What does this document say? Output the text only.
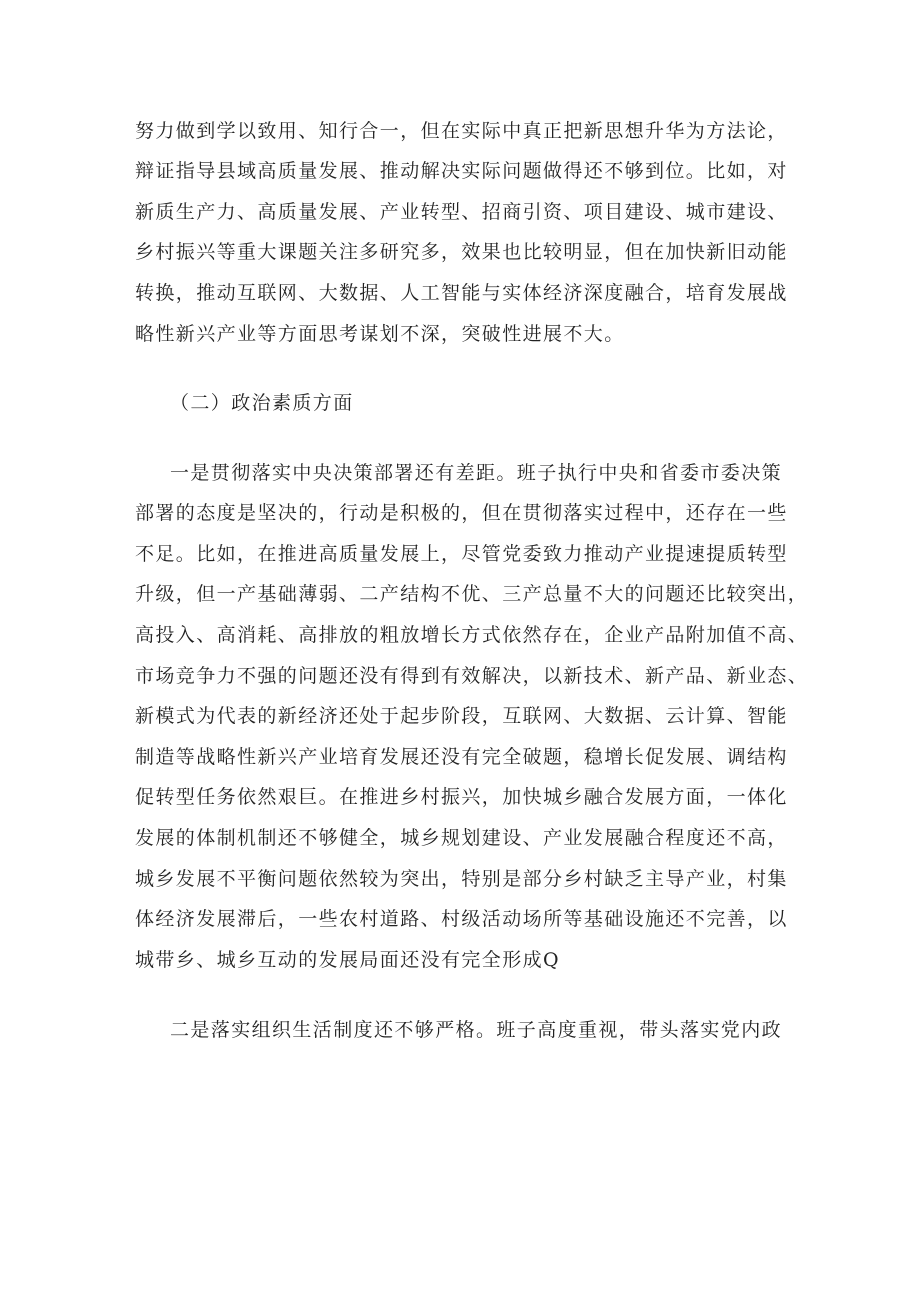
努力做到学以致用、知行合一，但在实际中真正把新思想升华为方法论，

辩证指导县域高质量发展、推动解决实际问题做得还不够到位。比如，对

新质生产力、高质量发展、产业转型、招商引资、项目建设、城市建设、

乡村振兴等重大课题关注多研究多，效果也比较明显，但在加快新旧动能

转换，推动互联网、大数据、人工智能与实体经济深度融合，培育发展战

略性新兴产业等方面思考谋划不深，突破性进展不大。

（二）政治素质方面

一是贯彻落实中央决策部署还有差距。班子执行中央和省委市委决策

部署的态度是坚决的，行动是积极的，但在贯彻落实过程中，还存在一些

不足。比如，在推进高质量发展上，尽管党委致力推动产业提速提质转型

升级，但一产基础薄弱、二产结构不优、三产总量不大的问题还比较突出，

高投入、高消耗、高排放的粗放增长方式依然存在，企业产品附加值不高、

市场竞争力不强的问题还没有得到有效解决，以新技术、新产品、新业态、

新模式为代表的新经济还处于起步阶段，互联网、大数据、云计算、智能

制造等战略性新兴产业培育发展还没有完全破题，稳增长促发展、调结构

促转型任务依然艰巨。在推进乡村振兴，加快城乡融合发展方面，一体化

发展的体制机制还不够健全，城乡规划建设、产业发展融合程度还不高，

城乡发展不平衡问题依然较为突出，特别是部分乡村缺乏主导产业，村集

体经济发展滞后，一些农村道路、村级活动场所等基础设施还不完善，以

城带乡、城乡互动的发展局面还没有完全形成Q

二是落实组织生活制度还不够严格。班子高度重视，带头落实党内政
